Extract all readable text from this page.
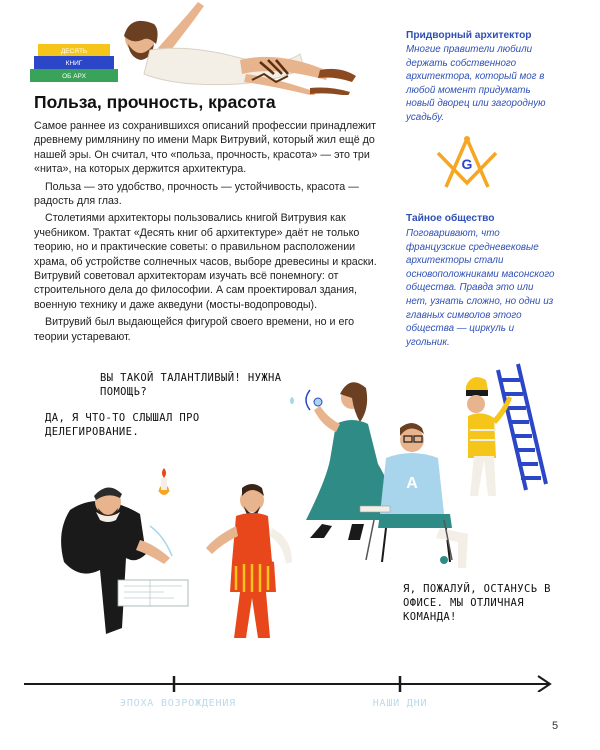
ДЕСЯТЬ
КНИГ
ОБ АРХ
Польза, прочность, красота

Самое раннее из сохранившихся описаний профессии принадлежит древнему римлянину по имени Марк Витрувий, который жил ещё до нашей эры. Он считал, что «польза, прочность, красота» — это три «нита», на которых держится архитектура.

Польза — это удобство, прочность — устойчивость, красота — радость для глаз.

Столетиями архитекторы пользовались книгой Витрувия как учебником. Трактат «Десять книг об архитектуре» даёт не только теорию, но и практические советы: о правильном расположении храма, об устройстве солнечных часов, выборе древесины и краски. Витрувий советовал архитекторам изучать всё понемногу: от строительного дела до философии. А сам проектировал здания, военную технику и даже акведуни (мосты-водопроводы).

Витрувий был выдающейся фигурой своего времени, но и его теории устаревают.

Придворный архитектор
Многие правители любили держать собственного архитектора, который мог в любой момент придумать новый дворец или загородную усадьбу.
G
Тайное общество
Поговаривают, что французские средневековые архитекторы стали основоположниками масонского общества. Правда это или нет, узнать сложно, но одни из главных символов этого общества — циркуль и угольник.
A
ВЫ ТАКОЙ ТАЛАНТЛИВЫЙ! НУЖНА ПОМОЩЬ?
ДА, Я ЧТО-ТО СЛЫШАЛ ПРО ДЕЛЕГИРОВАНИЕ.
Я, ПОЖАЛУЙ, ОСТАНУСЬ В ОФИСЕ. МЫ ОТЛИЧНАЯ КОМАНДА!
ЭПОХА ВОЗРОЖДЕНИЯ	НАШИ ДНИ
5
